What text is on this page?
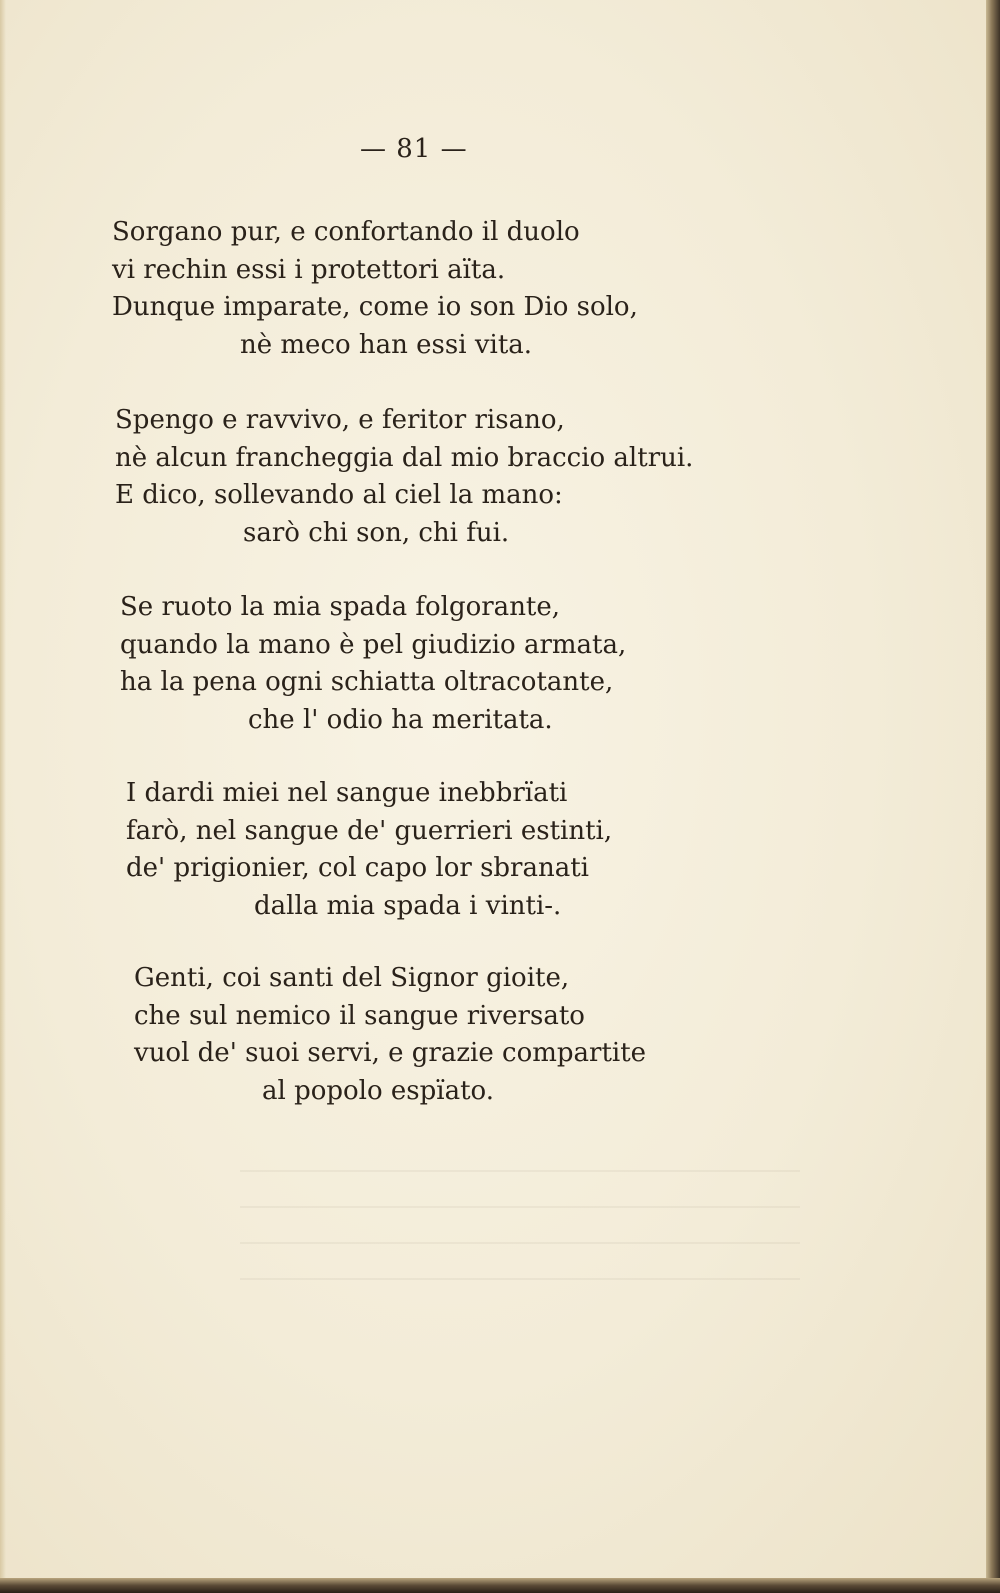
— 81 —
Sorgano pur, e confortando il duolo
vi rechin essi i protettori aïta.
Dunque imparate, come io son Dio solo,
nè meco han essi vita.
Spengo e ravvivo, e feritor risano,
nè alcun francheggia dal mio braccio altrui.
E dico, sollevando al ciel la mano:
sarò chi son, chi fui.
Se ruoto la mia spada folgorante,
quando la mano è pel giudizio armata,
ha la pena ogni schiatta oltracotante,
che l' odio ha meritata.
I dardi miei nel sangue inebbrïati
farò, nel sangue de' guerrieri estinti,
de' prigionier, col capo lor sbranati
dalla mia spada i vinti-.
Genti, coi santi del Signor gioite,
che sul nemico il sangue riversato
vuol de' suoi servi, e grazie compartite
al popolo espïato.
